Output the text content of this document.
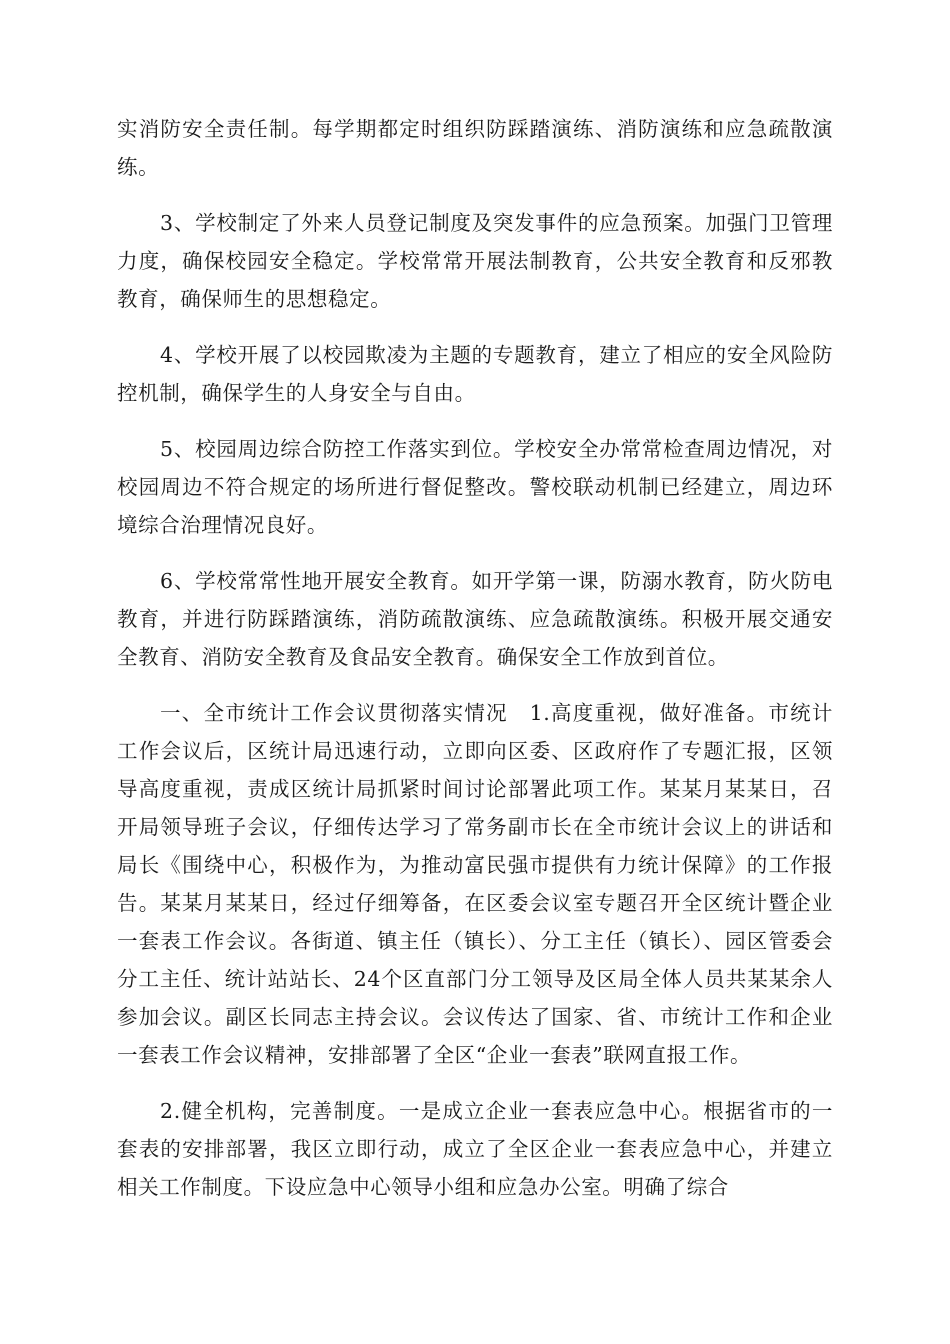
实消防安全责任制。每学期都定时组织防踩踏演练、消防演练和应急疏散演练。

3、学校制定了外来人员登记制度及突发事件的应急预案。加强门卫管理力度，确保校园安全稳定。学校常常开展法制教育，公共安全教育和反邪教教育，确保师生的思想稳定。

4、学校开展了以校园欺凌为主题的专题教育，建立了相应的安全风险防控机制，确保学生的人身安全与自由。

5、校园周边综合防控工作落实到位。学校安全办常常检查周边情况，对校园周边不符合规定的场所进行督促整改。警校联动机制已经建立，周边环境综合治理情况良好。

6、学校常常性地开展安全教育。如开学第一课，防溺水教育，防火防电教育，并进行防踩踏演练，消防疏散演练、应急疏散演练。积极开展交通安全教育、消防安全教育及食品安全教育。确保安全工作放到首位。

一、全市统计工作会议贯彻落实情况　1.高度重视，做好准备。市统计工作会议后，区统计局迅速行动，立即向区委、区政府作了专题汇报，区领导高度重视，责成区统计局抓紧时间讨论部署此项工作。某某月某某日，召开局领导班子会议，仔细传达学习了常务副市长在全市统计会议上的讲话和局长《围绕中心，积极作为，为推动富民强市提供有力统计保障》的工作报告。某某月某某日，经过仔细筹备，在区委会议室专题召开全区统计暨企业一套表工作会议。各街道、镇主任（镇长）、分工主任（镇长）、园区管委会分工主任、统计站站长、24个区直部门分工领导及区局全体人员共某某余人参加会议。副区长同志主持会议。会议传达了国家、省、市统计工作和企业一套表工作会议精神，安排部署了全区“企业一套表”联网直报工作。

2.健全机构，完善制度。一是成立企业一套表应急中心。根据省市的一套表的安排部署，我区立即行动，成立了全区企业一套表应急中心，并建立相关工作制度。下设应急中心领导小组和应急办公室。明确了综合
